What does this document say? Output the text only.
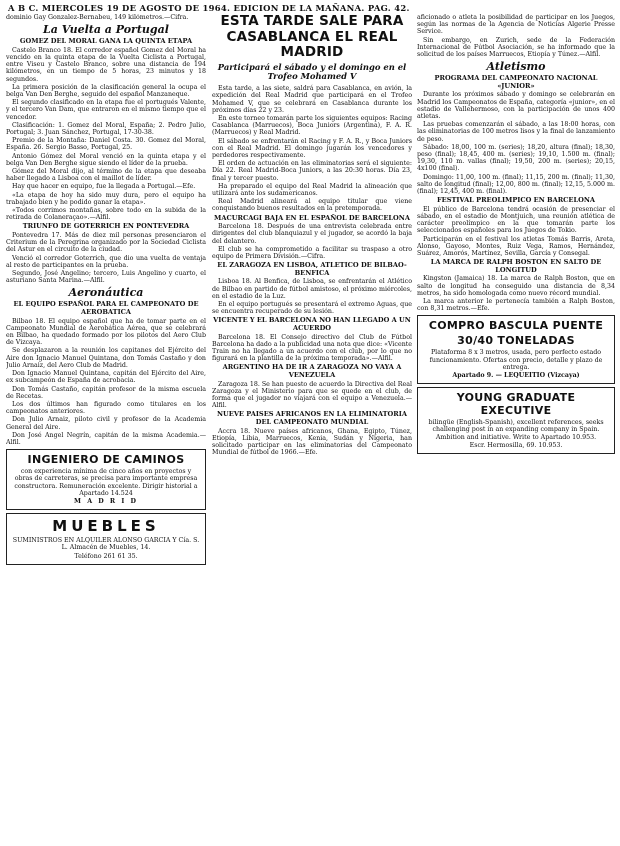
A B C. MIERCOLES 19 DE AGOSTO DE 1964. EDICION DE LA MAÑANA. PAG. 42.

dominio Gay Gonzalez-Bernabeu, 149 kilómetros.—Cifra.

La Vuelta a Portugal
GOMEZ DEL MORAL GANA LA QUINTA ETAPA

Castelo Branco 18. El corredor español Gomez del Moral ha vencido en la quinta etapa de la Vuelta Ciclista a Portugal, entre Viseu y Castelo Branco, sobre una distancia de 194 kilómetros, en un tiempo de 5 horas, 23 minutos y 18 segundos.

La primera posición de la clasificación general la ocupa el belga Van Den Berghe, seguido del español Manzaneque.

El segundo clasificado en la etapa fue el portugués Valente, y el tercero Van Dam, que entraron en el mismo tiempo que el vencedor.

Clasificación: 1. Gomez del Moral, España; 2. Pedro Julio, Portugal; 3. Juan Sánchez, Portugal, 17-30-38.

Premio de la Montaña: Daniel Costa. 30. Gomez del Moral, España. 26. Sergio Basso, Portugal, 25.

Antonio Gómez del Moral venció en la quinta etapa y el belga Van Den Berghe sigue siendo el líder de la prueba.

Gómez del Moral dijo, al término de la etapa que deseaba haber llegado a Lisboa con el maillot de líder.

Hay que hacer en equipo, fue la llegada a Portugal.—Efe.

«La etapa de hoy ha sido muy dura, pero el equipo ha trabajado bien y he podido ganar la etapa».

«Todos corrimos montañas, sobre todo en la subida de la retirada de Colaneraçao».—Alfil.

TRIUNFO DE GOTERRICH EN PONTEVEDRA

Pontevedra 17. Más de diez mil personas presenciaron el Criterium de la Peregrina organizado por la Sociedad Ciclista del Astur en el circuito de la ciudad.

Venció el corredor Goterrich, que dio una vuelta de ventaja al resto de participantes en la prueba.

Segundo, José Angelino; tercero, Luis Angelino y cuarto, el asturiano Santa Marina.—Alfil.

Aeronáutica
EL EQUIPO ESPAÑOL PARA EL CAMPEONATO DE AEROBATICA

Bilbao 18. El equipo español que ha de tomar parte en el Campeonato Mundial de Aerobática Aérea, que se celebrará en Bilbao, ha quedado formado por los pilotos del Aero Club de Vizcaya.

Se desplazaron a la reunión los capitanes del Ejército del Aire don Ignacio Manuel Quintana, don Tomás Castaño y don Julio Arnaiz, del Aero Club de Madrid.

Don Ignacio Manuel Quintana, capitán del Ejército del Aire, ex subcampeón de España de acrobacia.

Don Tomás Castaño, capitán profesor de la misma escuela de Recetas.

Los dos últimos han figurado como titulares en los campeonatos anteriores.

Don Julio Arnaiz, piloto civil y profesor de la Academia General del Aire.

Don José Angel Negrín, capitán de la misma Academia.—Alfil.

INGENIERO DE CAMINOS

con experiencia mínima de cinco años en proyectos y obras de carreteras, se precisa para importante empresa constructora. Remuneración excelente. Dirigir historial a Apartado 14.524

M A D R I D

MUEBLES

SUMINISTROS EN ALQUILER ALONSO GARCIA Y Cía. S. L. Almacén de Muebles, 14.

Teléfono 261 61 35.

ESTA TARDE SALE PARA CASABLANCA EL REAL MADRID
Participará el sábado y el domingo en el Trofeo Mohamed V

Esta tarde, a las siete, saldrá para Casablanca, en avión, la expedición del Real Madrid que participará en el Trofeo Mohamed V, que se celebrará en Casablanca durante los próximos días 22 y 23.

En este torneo tomarán parte los siguientes equipos: Racing Casablanca (Marruecos), Boca Juniors (Argentina), F. A. R. (Marruecos) y Real Madrid.

El sábado se enfrentarán el Racing y F. A. R., y Boca Juniors con el Real Madrid. El domingo jugarán los vencedores y perdedores respectivamente.

El orden de actuación en las eliminatorias será el siguiente: Día 22. Real Madrid-Boca Juniors, a las 20:30 horas. Día 23, final y tercer puesto.

Ha preparado el equipo del Real Madrid la alineación que utilizará ante los sudamericanos.

Real Madrid alineará al equipo titular que viene conquistando buenos resultados en la pretemporada.

MACURCAGI BAJA EN EL ESPAÑOL DE BARCELONA

Barcelona 18. Después de una entrevista celebrada entre dirigentes del club blanquiazul y el jugador, se acordó la baja del delantero.

El club se ha comprometido a facilitar su traspaso a otro equipo de Primera División.—Cifra.

EL ZARAGOZA EN LISBOA, ATLETICO DE BILBAO-BENFICA

Lisboa 18. Al Benfica, de Lisboa, se enfrentarán el Atlético de Bilbao en partido de fútbol amistoso, el próximo miércoles, en el estadio de la Luz.

En el equipo portugués se presentará el extremo Aguas, que se encuentra recuperado de su lesión.

VICENTE Y EL BARCELONA NO HAN LLEGADO A UN ACUERDO

Barcelona 18. El Consejo directivo del Club de Fútbol Barcelona ha dado a la publicidad una nota que dice: «Vicente Train no ha llegado a un acuerdo con el club, por lo que no figurará en la plantilla de la próxima temporada».—Alfil.

ARGENTINO HA DE IR A ZARAGOZA NO VAYA A VENEZUELA

Zaragoza 18. Se han puesto de acuerdo la Directiva del Real Zaragoza y el Ministerio para que se quede en el club, de forma que el jugador no viajará con el equipo a Venezuela.—Alfil.

NUEVE PAISES AFRICANOS EN LA ELIMINATORIA DEL CAMPEONATO MUNDIAL

Accra 18. Nueve países africanos, Ghana, Egipto, Túnez, Etiopía, Libia, Marruecos, Kenia, Sudán y Nigeria, han solicitado participar en las eliminatorias del Campeonato Mundial de fútbol de 1966.—Efe.

aficionado o atleta la posibilidad de participar en los Juegos, según las normas de la Agencia de Noticias Algerie Presse Service.

Sin embargo, en Zurich, sede de la Federación Internacional de Fútbol Asociación, se ha informado que la solicitud de los países Marruecos, Etiopía y Túnez.—Alfil.

Atletismo
PROGRAMA DEL CAMPEONATO NACIONAL «JUNIOR»

Durante los próximos sábado y domingo se celebrarán en Madrid los Campeonatos de España, categoría «junior», en el estadio de Vallehermoso, con la participación de unos 400 atletas.

Las pruebas comenzarán el sábado, a las 18:00 horas, con las eliminatorias de 100 metros lisos y la final de lanzamiento de peso.

Sábado: 18,00, 100 m. (series); 18,20, altura (final); 18,30, peso (final); 18,45, 400 m. (series); 19,10, 1.500 m. (final); 19,30, 110 m. vallas (final); 19,50, 200 m. (series); 20,15, 4x100 (final).

Domingo: 11,00, 100 m. (final); 11,15, 200 m. (final); 11,30, salto de longitud (final); 12,00, 800 m. (final); 12,15, 5.000 m. (final); 12,45, 400 m. (final).

FESTIVAL PREOLIMPICO EN BARCELONA

El público de Barcelona tendrá ocasión de presenciar el sábado, en el estadio de Montjuich, una reunión atlética de carácter preolímpico en la que tomarán parte los seleccionados españoles para los Juegos de Tokio.

Participarán en el festival los atletas Tomás Barris, Areta, Alonso, Gayoso, Montes, Ruiz Vega, Ramos, Hernández, Suárez, Amorós, Martínez, Sevilla, García y Consegal.

LA MARCA DE RALPH BOSTON EN SALTO DE LONGITUD

Kingston (Jamaica) 18. La marca de Ralph Boston, que en salto de longitud ha conseguido una distancia de 8,34 metros, ha sido homologada como nuevo récord mundial.

La marca anterior le pertenecía también a Ralph Boston, con 8,31 metros.—Efe.

COMPRO BASCULA PUENTE
30/40 TONELADAS

Plataforma 8 x 3 metros, usada, pero perfecto estado funcionamiento. Ofertas con precio, detalle y plazo de entrega.

Apartado 9. — LEQUEITIO (Vizcaya)

YOUNG GRADUATE EXECUTIVE

bilingüe (English-Spanish), excellent references, seeks challenging post in an expanding company in Spain. Ambition and initiative. Write to Apartado 10.953.

Escr. Hermosilla, 69. 10.953.
